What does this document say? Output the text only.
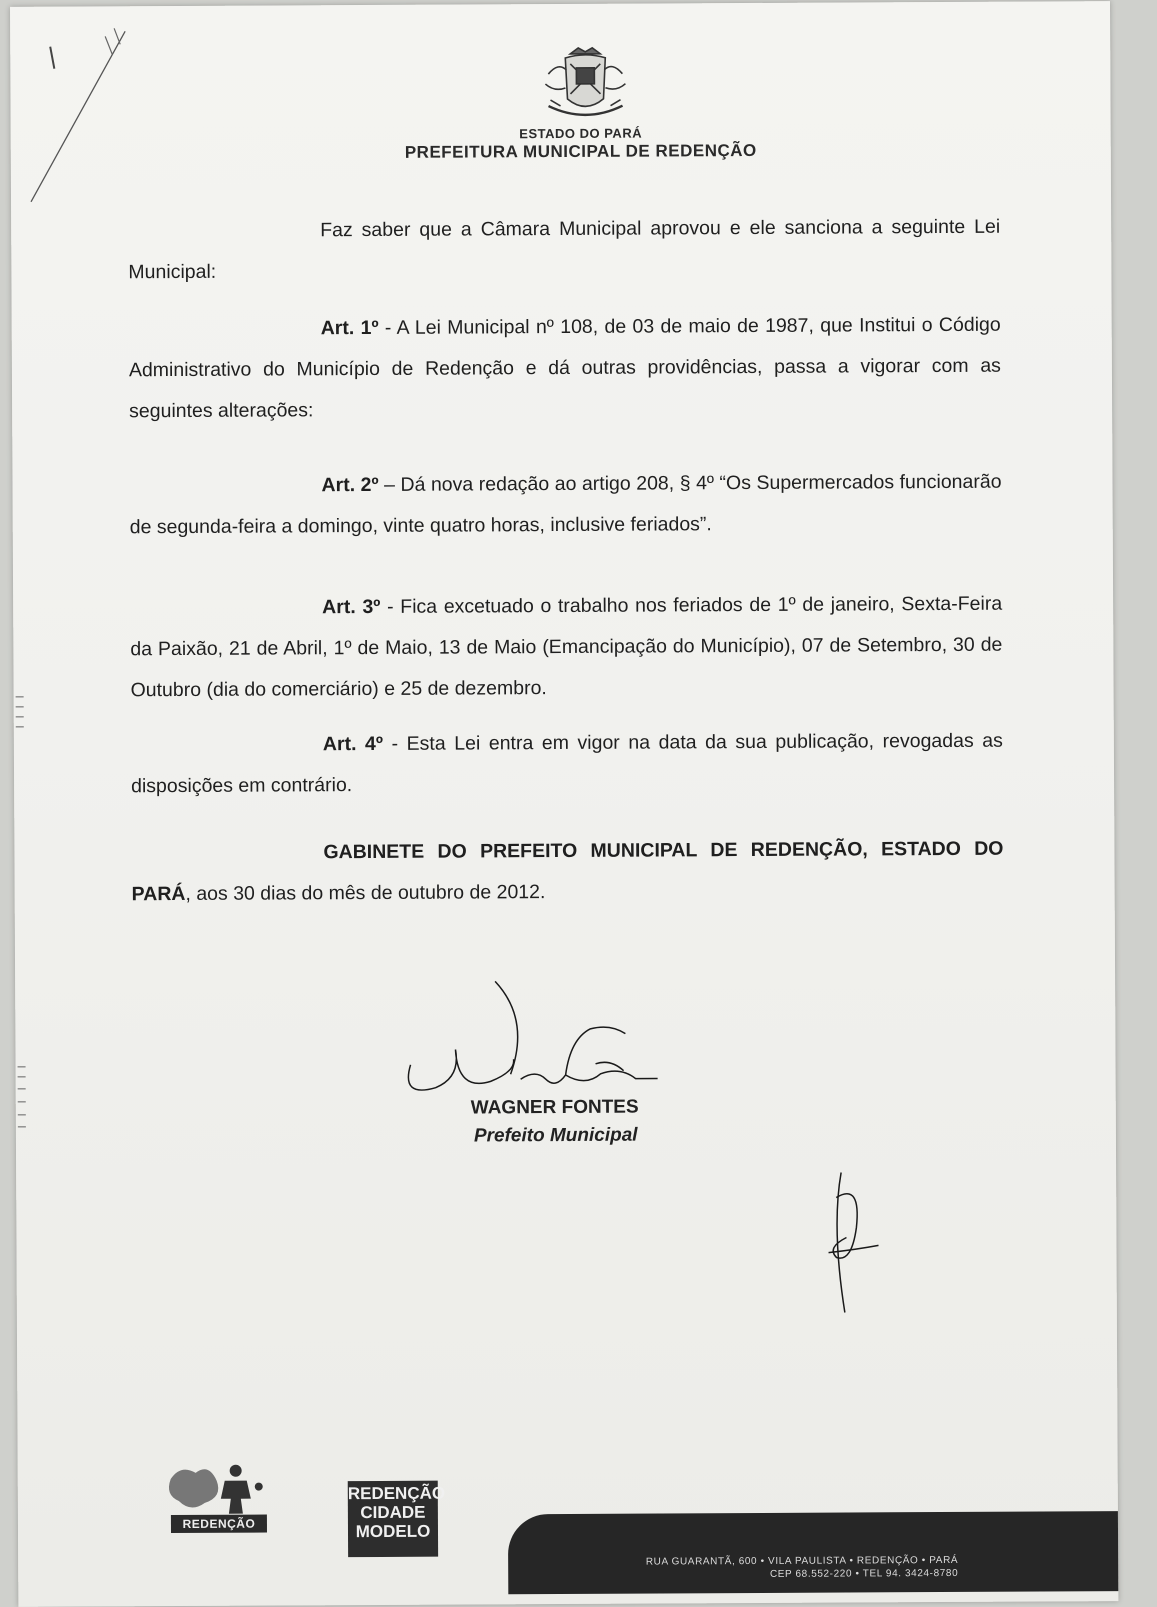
ESTADO DO PARÁ
PREFEITURA MUNICIPAL DE REDENÇÃO

Faz saber que a Câmara Municipal aprovou e ele sanciona a seguinte Lei Municipal:

Art. 1º - A Lei Municipal nº 108, de 03 de maio de 1987, que Institui o Código Administrativo do Município de Redenção e dá outras providências, passa a vigorar com as seguintes alterações:

Art. 2º – Dá nova redação ao artigo 208, § 4º “Os Supermercados funcionarão de segunda-feira a domingo, vinte quatro horas, inclusive feriados”.

Art. 3º - Fica excetuado o trabalho nos feriados de 1º de janeiro, Sexta-Feira da Paixão, 21 de Abril, 1º de Maio, 13 de Maio (Emancipação do Município), 07 de Setembro, 30 de Outubro (dia do comerciário) e 25 de dezembro.

Art. 4º - Esta Lei entra em vigor na data da sua publicação, revogadas as disposições em contrário.

GABINETE DO PREFEITO MUNICIPAL DE REDENÇÃO, ESTADO DO PARÁ, aos 30 dias do mês de outubro de 2012.

WAGNER FONTES
Prefeito Municipal
REDENÇÃO
REDENÇÃO
CIDADE
MODELO
RUA GUARANTÃ, 600 • VILA PAULISTA • REDENÇÃO • PARÁ
CEP 68.552-220 • TEL 94. 3424-8780
